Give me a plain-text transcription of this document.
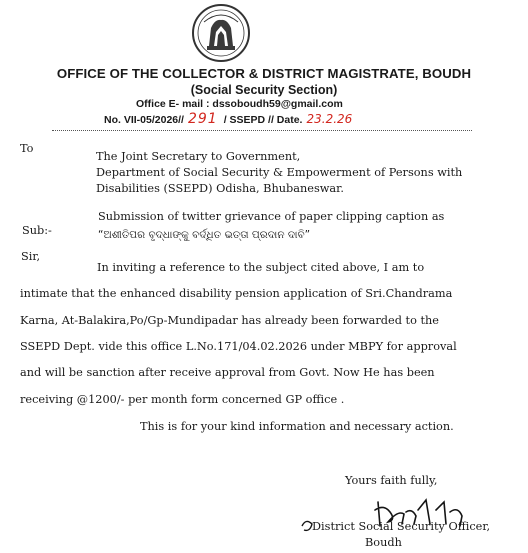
OFFICE OF THE COLLECTOR & DISTRICT MAGISTRATE, BOUDH
(Social Security Section)
Office E- mail : dssoboudh59@gmail.com
No. VII-05/2026// 291 / SSEPD // Date. 23.2.26
To
The Joint Secretary to Government,
Department of Social Security & Empowerment of Persons with
Disabilities (SSEPD) Odisha, Bhubaneswar.
Sub:-
Submission of twitter grievance of paper clipping caption as
“ଅଶୀତିପର ବୃଦ୍ଧାଙ୍କୁ ବର୍ଦ୍ଧିତ ଭତ୍ତା ପ୍ରଦାନ ଦାବି”
Sir,
In inviting a reference to the subject cited above, I am to
intimate that the enhanced disability pension application of Sri.Chandrama
Karna, At-Balakira,Po/Gp-Mundipadar has already been forwarded to the
SSEPD Dept. vide this office L.No.171/04.02.2026 under MBPY for approval
and will be sanction after receive approval from Govt. Now He has been
receiving @1200/- per month form concerned GP office .
This is for your kind information and necessary action.
Yours faith fully,
District Social Security Officer,
Boudh
